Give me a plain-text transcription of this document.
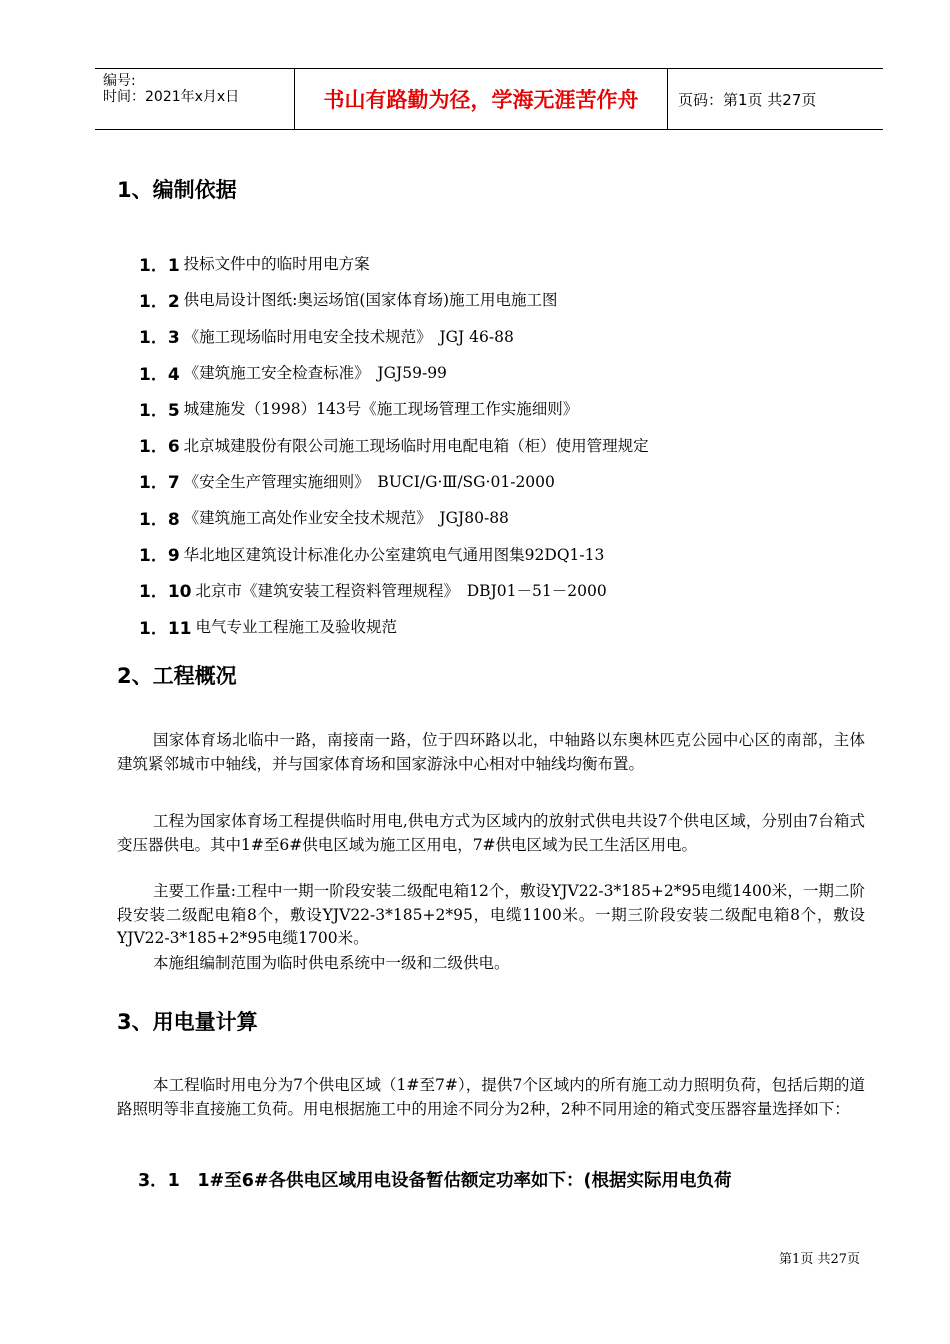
编号:
时间：2021年x月x日	书山有路勤为径，学海无涯苦作舟	页码：第1页 共27页
1、编制依据
1．1 投标文件中的临时用电方案
1．2 供电局设计图纸:奥运场馆(国家体育场)施工用电施工图
1．3 《施工现场临时用电安全技术规范》　JGJ 46-88
1．4 《建筑施工安全检查标准》　JGJ59-99
1．5 城建施发（1998）143号《施工现场管理工作实施细则》
1．6 北京城建股份有限公司施工现场临时用电配电箱（柜）使用管理规定
1．7 《安全生产管理实施细则》　BUCI/G·Ⅲ/SG·01-2000
1．8 《建筑施工高处作业安全技术规范》　JGJ80-88
1．9 华北地区建筑设计标准化办公室建筑电气通用图集92DQ1-13
1．10 北京市《建筑安装工程资料管理规程》　DBJ01－51－2000
1．11 电气专业工程施工及验收规范
2、工程概况

国家体育场北临中一路，南接南一路，位于四环路以北，中轴路以东奥林匹克公园中心区的南部，主体建筑紧邻城市中轴线，并与国家体育场和国家游泳中心相对中轴线均衡布置。

工程为国家体育场工程提供临时用电,供电方式为区域内的放射式供电共设7个供电区域，分别由7台箱式变压器供电。其中1#至6#供电区域为施工区用电，7#供电区域为民工生活区用电。

主要工作量:工程中一期一阶段安装二级配电箱12个，敷设YJV22-3*185+2*95电缆1400米，一期二阶段安装二级配电箱8个，敷设YJV22-3*185+2*95，电缆1100米。一期三阶段安装二级配电箱8个，敷设YJV22-3*185+2*95电缆1700米。

本施组编制范围为临时供电系统中一级和二级供电。

3、用电量计算

本工程临时用电分为7个供电区域（1#至7#），提供7个区域内的所有施工动力照明负荷，包括后期的道路照明等非直接施工负荷。用电根据施工中的用途不同分为2种，2种不同用途的箱式变压器容量选择如下：

3．1　1#至6#各供电区域用电设备暂估额定功率如下：(根据实际用电负荷
第1页 共27页
